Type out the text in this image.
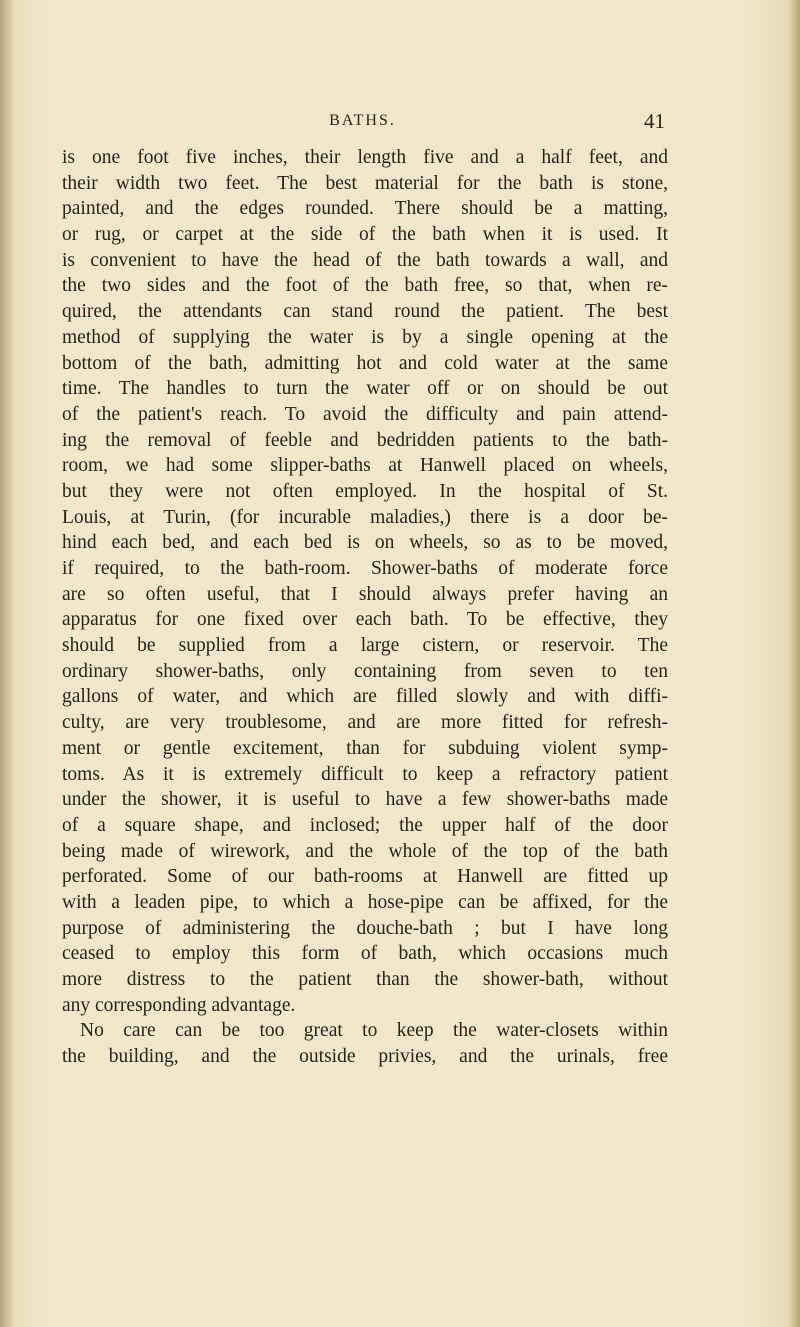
BATHS.	41
is one foot five inches, their length five and a half feet, and
their width two feet. The best material for the bath is stone,
painted, and the edges rounded. There should be a matting,
or rug, or carpet at the side of the bath when it is used. It
is convenient to have the head of the bath towards a wall, and
the two sides and the foot of the bath free, so that, when re-
quired, the attendants can stand round the patient. The best
method of supplying the water is by a single opening at the
bottom of the bath, admitting hot and cold water at the same
time. The handles to turn the water off or on should be out
of the patient's reach. To avoid the difficulty and pain attend-
ing the removal of feeble and bedridden patients to the bath-
room, we had some slipper-baths at Hanwell placed on wheels,
but they were not often employed. In the hospital of St.
Louis, at Turin, (for incurable maladies,) there is a door be-
hind each bed, and each bed is on wheels, so as to be moved,
if required, to the bath-room. Shower-baths of moderate force
are so often useful, that I should always prefer having an
apparatus for one fixed over each bath. To be effective, they
should be supplied from a large cistern, or reservoir. The
ordinary shower-baths, only containing from seven to ten
gallons of water, and which are filled slowly and with diffi-
culty, are very troublesome, and are more fitted for refresh-
ment or gentle excitement, than for subduing violent symp-
toms. As it is extremely difficult to keep a refractory patient
under the shower, it is useful to have a few shower-baths made
of a square shape, and inclosed; the upper half of the door
being made of wirework, and the whole of the top of the bath
perforated. Some of our bath-rooms at Hanwell are fitted up
with a leaden pipe, to which a hose-pipe can be affixed, for the
purpose of administering the douche-bath ; but I have long
ceased to employ this form of bath, which occasions much
more distress to the patient than the shower-bath, without
any corresponding advantage.
No care can be too great to keep the water-closets within
the building, and the outside privies, and the urinals, free
